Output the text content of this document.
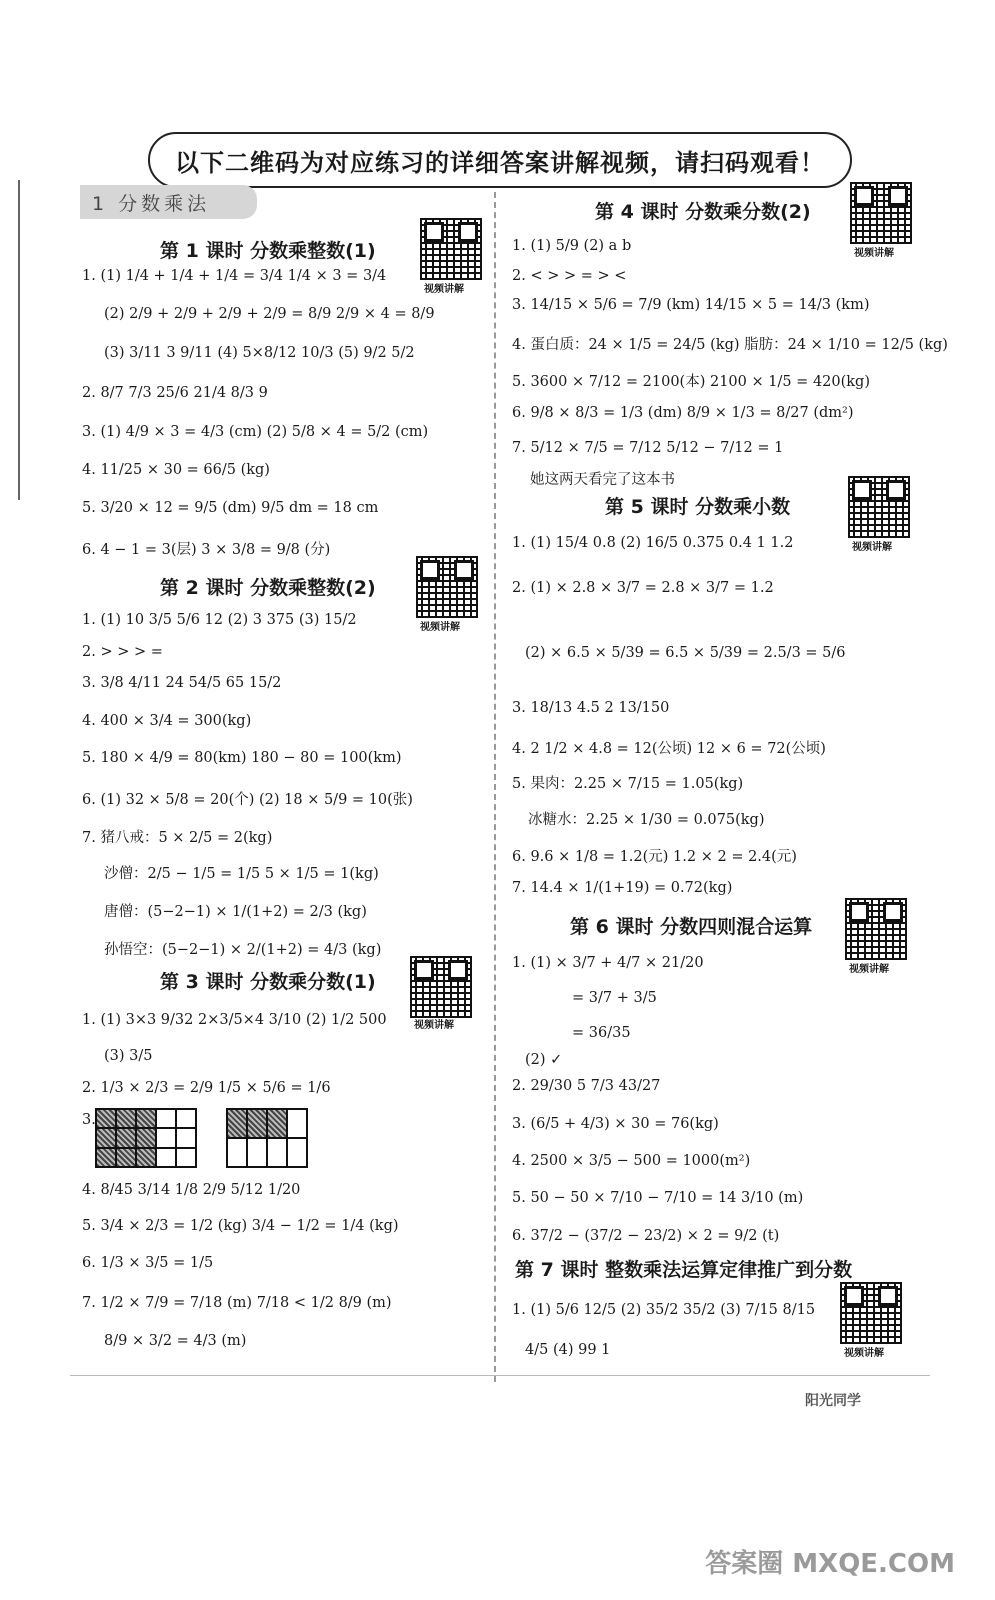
以下二维码为对应练习的详细答案讲解视频，请扫码观看！
1 分数乘法
第 1 课时 分数乘整数(1)
视频讲解
1. (1) 1/4 + 1/4 + 1/4 = 3/4 1/4 × 3 = 3/4
(2) 2/9 + 2/9 + 2/9 + 2/9 = 8/9 2/9 × 4 = 8/9
(3) 3/11 3 9/11 (4) 5×8/12 10/3 (5) 9/2 5/2
2. 8/7 7/3 25/6 21/4 8/3 9
3. (1) 4/9 × 3 = 4/3 (cm) (2) 5/8 × 4 = 5/2 (cm)
4. 11/25 × 30 = 66/5 (kg)
5. 3/20 × 12 = 9/5 (dm) 9/5 dm = 18 cm
6. 4 − 1 = 3(层) 3 × 3/8 = 9/8 (分)
第 2 课时 分数乘整数(2)
视频讲解
1. (1) 10 3/5 5/6 12 (2) 3 375 (3) 15/2
2. > > > =
3. 3/8 4/11 24 54/5 65 15/2
4. 400 × 3/4 = 300(kg)
5. 180 × 4/9 = 80(km) 180 − 80 = 100(km)
6. (1) 32 × 5/8 = 20(个) (2) 18 × 5/9 = 10(张)
7. 猪八戒：5 × 2/5 = 2(kg)
沙僧：2/5 − 1/5 = 1/5 5 × 1/5 = 1(kg)
唐僧：(5−2−1) × 1/(1+2) = 2/3 (kg)
孙悟空：(5−2−1) × 2/(1+2) = 4/3 (kg)
第 3 课时 分数乘分数(1)
视频讲解
1. (1) 3×3 9/32 2×3/5×4 3/10 (2) 1/2 500
(3) 3/5
2. 1/3 × 2/3 = 2/9 1/5 × 5/6 = 1/6
3.
4. 8/45 3/14 1/8 2/9 5/12 1/20
5. 3/4 × 2/3 = 1/2 (kg) 3/4 − 1/2 = 1/4 (kg)
6. 1/3 × 3/5 = 1/5
7. 1/2 × 7/9 = 7/18 (m) 7/18 < 1/2 8/9 (m)
8/9 × 3/2 = 4/3 (m)
第 4 课时 分数乘分数(2)
视频讲解
1. (1) 5/9 (2) a b
2. < > > = > <
3. 14/15 × 5/6 = 7/9 (km) 14/15 × 5 = 14/3 (km)
4. 蛋白质：24 × 1/5 = 24/5 (kg) 脂肪：24 × 1/10 = 12/5 (kg)
5. 3600 × 7/12 = 2100(本) 2100 × 1/5 = 420(kg)
6. 9/8 × 8/3 = 1/3 (dm) 8/9 × 1/3 = 8/27 (dm²)
7. 5/12 × 7/5 = 7/12 5/12 − 7/12 = 1
她这两天看完了这本书
第 5 课时 分数乘小数
视频讲解
1. (1) 15/4 0.8 (2) 16/5 0.375 0.4 1 1.2
2. (1) × 2.8 × 3/7 = 2.8 × 3/7 = 1.2
(2) × 6.5 × 5/39 = 6.5 × 5/39 = 2.5/3 = 5/6
3. 18/13 4.5 2 13/150
4. 2 1/2 × 4.8 = 12(公顷) 12 × 6 = 72(公顷)
5. 果肉：2.25 × 7/15 = 1.05(kg)
冰糖水：2.25 × 1/30 = 0.075(kg)
6. 9.6 × 1/8 = 1.2(元) 1.2 × 2 = 2.4(元)
7. 14.4 × 1/(1+19) = 0.72(kg)
第 6 课时 分数四则混合运算
视频讲解
1. (1) × 3/7 + 4/7 × 21/20
= 3/7 + 3/5
= 36/35
(2) ✓
2. 29/30 5 7/3 43/27
3. (6/5 + 4/3) × 30 = 76(kg)
4. 2500 × 3/5 − 500 = 1000(m²)
5. 50 − 50 × 7/10 − 7/10 = 14 3/10 (m)
6. 37/2 − (37/2 − 23/2) × 2 = 9/2 (t)
第 7 课时 整数乘法运算定律推广到分数
视频讲解
1. (1) 5/6 12/5 (2) 35/2 35/2 (3) 7/15 8/15
4/5 (4) 99 1
阳光同学
答案圈 MXQE.COM
